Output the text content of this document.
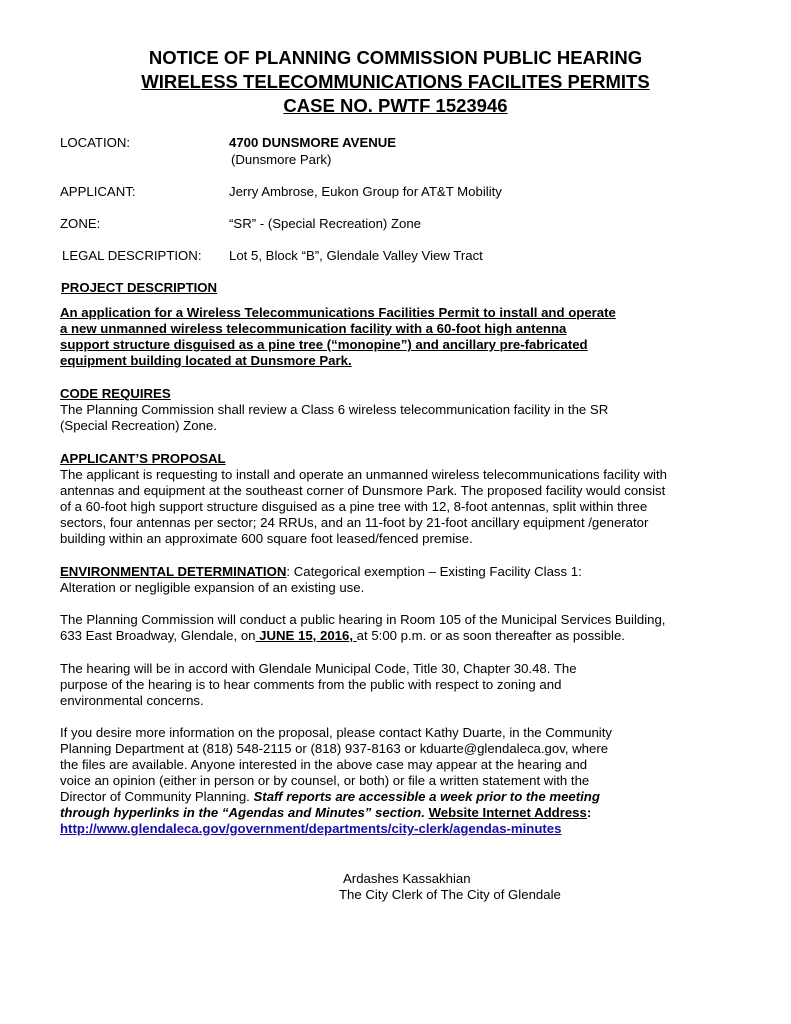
NOTICE OF PLANNING COMMISSION PUBLIC HEARING
WIRELESS TELECOMMUNICATIONS FACILITES PERMITS
CASE NO. PWTF 1523946
LOCATION:	4700 DUNSMORE AVENUE
(Dunsmore Park)
APPLICANT:	Jerry Ambrose, Eukon Group for AT&T Mobility
ZONE:	“SR” - (Special Recreation) Zone
LEGAL DESCRIPTION: Lot 5, Block “B”, Glendale Valley View Tract
PROJECT DESCRIPTION
An application for a Wireless Telecommunications Facilities Permit to install and operate
a new unmanned wireless telecommunication facility with a 60-foot high antenna
support structure disguised as a pine tree (“monopine”) and ancillary pre-fabricated
equipment building located at Dunsmore Park.
CODE REQUIRES
The Planning Commission shall review a Class 6 wireless telecommunication facility in the SR
(Special Recreation) Zone.
APPLICANT’S PROPOSAL
The applicant is requesting to install and operate an unmanned wireless telecommunications facility with
antennas and equipment at the southeast corner of Dunsmore Park. The proposed facility would consist
of a 60-foot high support structure disguised as a pine tree with 12, 8-foot antennas, split within three
sectors, four antennas per sector; 24 RRUs, and an 11-foot by 21-foot ancillary equipment /generator
building within an approximate 600 square foot leased/fenced premise.
ENVIRONMENTAL DETERMINATION: Categorical exemption – Existing Facility Class 1:
Alteration or negligible expansion of an existing use.
The Planning Commission will conduct a public hearing in Room 105 of the Municipal Services Building,
633 East Broadway, Glendale, on JUNE 15, 2016, at 5:00 p.m. or as soon thereafter as possible.
The hearing will be in accord with Glendale Municipal Code, Title 30, Chapter 30.48. The
purpose of the hearing is to hear comments from the public with respect to zoning and
environmental concerns.
If you desire more information on the proposal, please contact Kathy Duarte, in the Community
Planning Department at (818) 548-2115 or (818) 937-8163 or kduarte@glendaleca.gov, where
the files are available. Anyone interested in the above case may appear at the hearing and
voice an opinion (either in person or by counsel, or both) or file a written statement with the
Director of Community Planning. Staff reports are accessible a week prior to the meeting
through hyperlinks in the “Agendas and Minutes” section. Website Internet Address:
http://www.glendaleca.gov/government/departments/city-clerk/agendas-minutes
Ardashes Kassakhian
The City Clerk of The City of Glendale
